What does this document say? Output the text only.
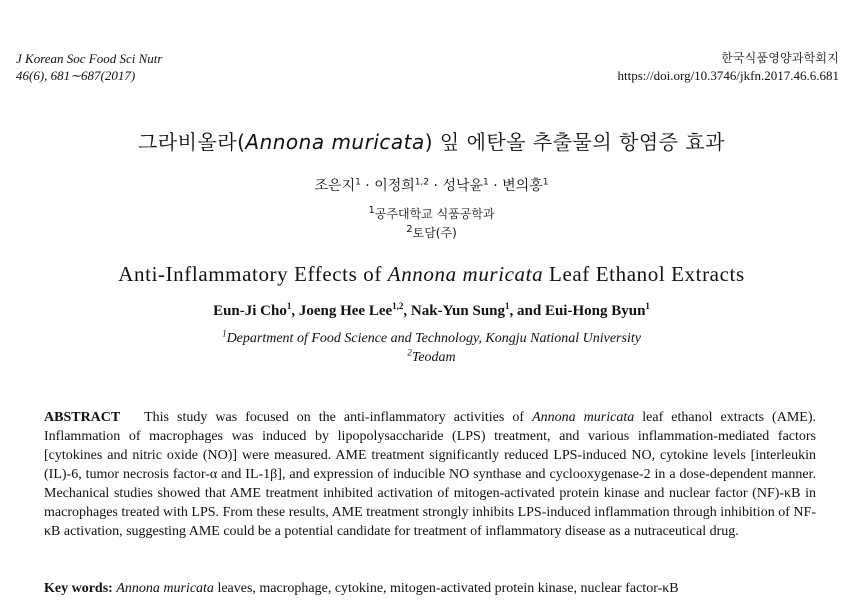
J Korean Soc Food Sci Nutr
46(6), 681∼687(2017)
한국식품영양과학회지
https://doi.org/10.3746/jkfn.2017.46.6.681
그라비올라(Annona muricata) 잎 에탄올 추출물의 항염증 효과
조은지$^1$ · 이정희$^{1,2}$ · 성낙윤$^1$ · 변의홍$^1$
$^1$공주대학교 식품공학과
$^2$토담(주)
Anti-Inflammatory Effects of Annona muricata Leaf Ethanol Extracts
Eun-Ji Cho$^1$, Joeng Hee Lee$^{1,2}$, Nak-Yun Sung$^1$, and Eui-Hong Byun$^1$
$^1$Department of Food Science and Technology, Kongju National University
$^2$Teodam
ABSTRACT This study was focused on the anti-inflammatory activities of Annona muricata leaf ethanol extracts (AME). Inflammation of macrophages was induced by lipopolysaccharide (LPS) treatment, and various inflammation-mediated factors [cytokines and nitric oxide (NO)] were measured. AME treatment significantly reduced LPS-induced NO, cytokine levels [interleukin (IL)-6, tumor necrosis factor-α and IL-1β], and expression of inducible NO synthase and cyclooxygenase-2 in a dose-dependent manner. Mechanical studies showed that AME treatment inhibited activation of mitogen-activated protein kinase and nuclear factor (NF)-κB in macrophages treated with LPS. From these results, AME treatment strongly inhibits LPS-induced inflammation through inhibition of NF-κB activation, suggesting AME could be a potential candidate for treatment of inflammatory disease as a nutraceutical drug.
Key words: Annona muricata leaves, macrophage, cytokine, mitogen-activated protein kinase, nuclear factor-κB
